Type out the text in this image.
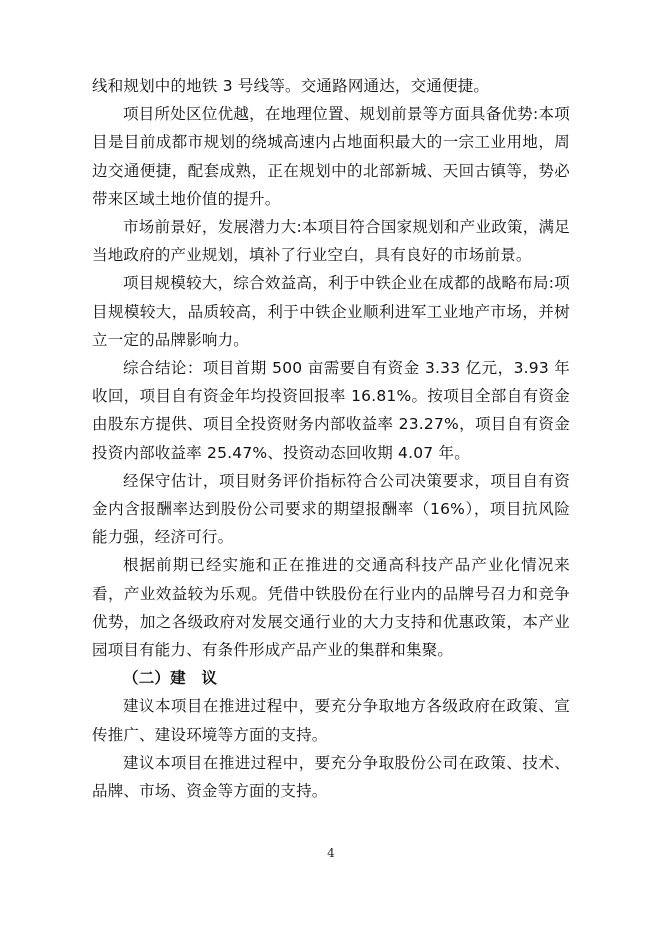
线和规划中的地铁 3 号线等。交通路网通达，交通便捷。

项目所处区位优越，在地理位置、规划前景等方面具备优势:本项目是目前成都市规划的绕城高速内占地面积最大的一宗工业用地，周边交通便捷，配套成熟，正在规划中的北部新城、天回古镇等，势必带来区域土地价值的提升。

市场前景好，发展潜力大:本项目符合国家规划和产业政策，满足当地政府的产业规划，填补了行业空白，具有良好的市场前景。

项目规模较大，综合效益高，利于中铁企业在成都的战略布局:项目规模较大，品质较高，利于中铁企业顺利进军工业地产市场，并树立一定的品牌影响力。

综合结论：项目首期 500 亩需要自有资金 3.33 亿元，3.93 年收回，项目自有资金年均投资回报率 16.81%。按项目全部自有资金由股东方提供、项目全投资财务内部收益率 23.27%，项目自有资金投资内部收益率 25.47%、投资动态回收期 4.07 年。

经保守估计，项目财务评价指标符合公司决策要求，项目自有资金内含报酬率达到股份公司要求的期望报酬率（16%），项目抗风险能力强，经济可行。

根据前期已经实施和正在推进的交通高科技产品产业化情况来看，产业效益较为乐观。凭借中铁股份在行业内的品牌号召力和竞争优势，加之各级政府对发展交通行业的大力支持和优惠政策，本产业园项目有能力、有条件形成产品产业的集群和集聚。

（二）建　议

建议本项目在推进过程中，要充分争取地方各级政府在政策、宣传推广、建设环境等方面的支持。

建议本项目在推进过程中，要充分争取股份公司在政策、技术、品牌、市场、资金等方面的支持。

4
